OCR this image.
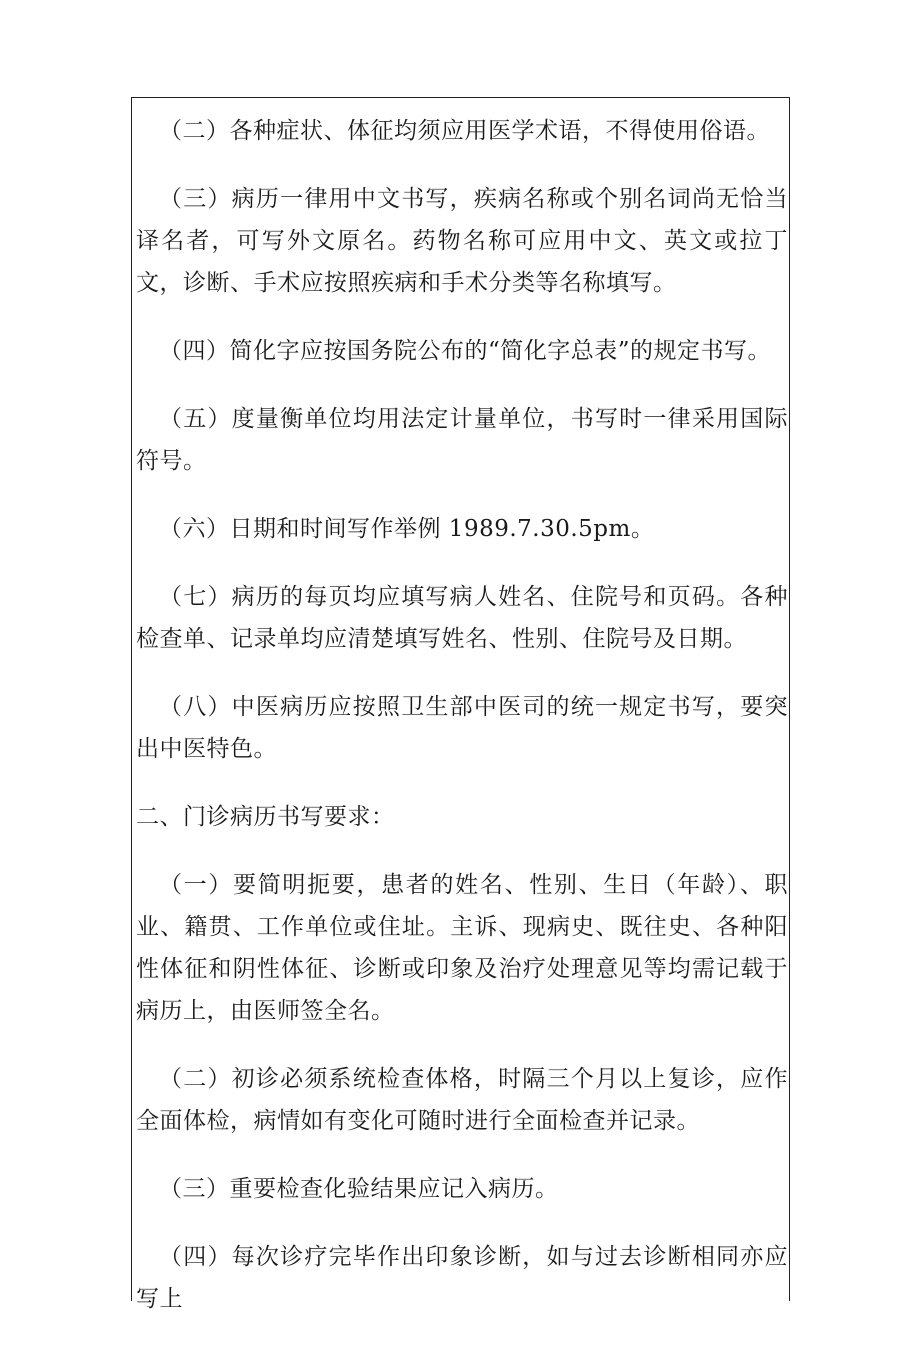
（二）各种症状、体征均须应用医学术语，不得使用俗语。

（三）病历一律用中文书写，疾病名称或个别名词尚无恰当译名者，可写外文原名。药物名称可应用中文、英文或拉丁文，诊断、手术应按照疾病和手术分类等名称填写。

（四）简化字应按国务院公布的“简化字总表”的规定书写。

（五）度量衡单位均用法定计量单位，书写时一律采用国际符号。

（六）日期和时间写作举例 1989.7.30.5pm。

（七）病历的每页均应填写病人姓名、住院号和页码。各种检查单、记录单均应清楚填写姓名、性别、住院号及日期。

（八）中医病历应按照卫生部中医司的统一规定书写，要突出中医特色。

二、门诊病历书写要求：

（一）要简明扼要，患者的姓名、性别、生日（年龄）、职业、籍贯、工作单位或住址。主诉、现病史、既往史、各种阳性体征和阴性体征、诊断或印象及治疗处理意见等均需记载于病历上，由医师签全名。

（二）初诊必须系统检查体格，时隔三个月以上复诊，应作全面体检，病情如有变化可随时进行全面检查并记录。

（三）重要检查化验结果应记入病历。

（四）每次诊疗完毕作出印象诊断，如与过去诊断相同亦应写上
